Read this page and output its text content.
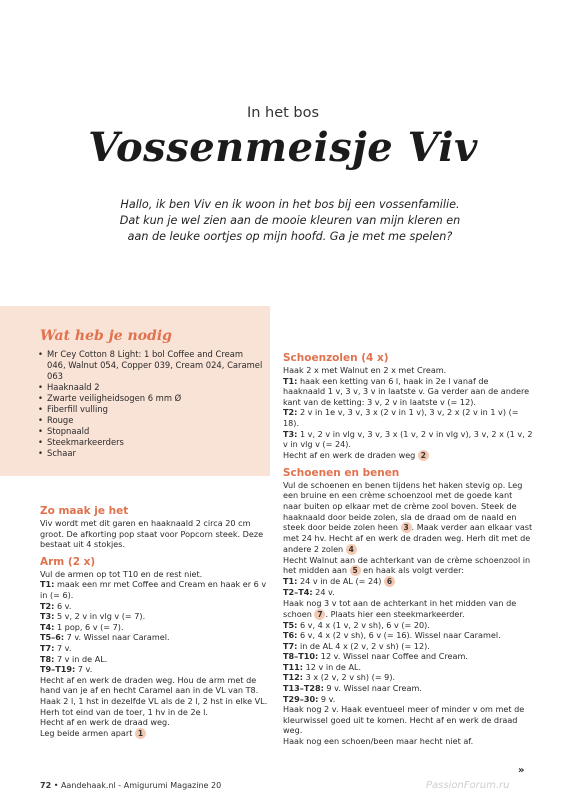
In het bos
Vossenmeisje Viv
Hallo, ik ben Viv en ik woon in het bos bij een vossenfamilie. Dat kun je wel zien aan de mooie kleuren van mijn kleren en aan de leuke oortjes op mijn hoofd. Ga je met me spelen?
Wat heb je nodig
• Mr Cey Cotton 8 Light: 1 bol Coffee and Cream 046, Walnut 054, Copper 039, Cream 024, Caramel 063
• Haaknaald 2
• Zwarte veiligheidsogen 6 mm Ø
• Fiberfill vulling
• Rouge
• Stopnaald
• Steekmarkeerders
• Schaar
Zo maak je het

Viv wordt met dit garen en haaknaald 2 circa 20 cm groot. De afkorting pop staat voor Popcorn steek. Deze bestaat uit 4 stokjes.

Arm (2 x)

Vul de armen op tot T10 en de rest niet.

T1: maak een mr met Coffee and Cream en haak er 6 v in (= 6).

T2: 6 v.

T3: 5 v, 2 v in vlg v (= 7).

T4: 1 pop, 6 v (= 7).

T5–6: 7 v. Wissel naar Caramel.

T7: 7 v.

T8: 7 v in de AL.

T9–T19: 7 v.

Hecht af en werk de draden weg. Hou de arm met de hand van je af en hecht Caramel aan in de VL van T8. Haak 2 l, 1 hst in dezelfde VL als de 2 l, 2 hst in elke VL. Herh tot eind van de toer, 1 hv in de 2e l.

Hecht af en werk de draad weg.

Leg beide armen apart 1

Schoenzolen (4 x)

Haak 2 x met Walnut en 2 x met Cream.

T1: haak een ketting van 6 l, haak in 2e l vanaf de haaknaald 1 v, 3 v, 3 v in laatste v. Ga verder aan de andere kant van de ketting: 3 v, 2 v in laatste v (= 12).

T2: 2 v in 1e v, 3 v, 3 x (2 v in 1 v), 3 v, 2 x (2 v in 1 v) (= 18).

T3: 1 v, 2 v in vlg v, 3 v, 3 x (1 v, 2 v in vlg v), 3 v, 2 x (1 v, 2 v in vlg v (= 24).

Hecht af en werk de draden weg 2

Schoenen en benen

Vul de schoenen en benen tijdens het haken stevig op. Leg een bruine en een crème schoenzool met de goede kant naar buiten op elkaar met de crème zool boven. Steek de haaknaald door beide zolen, sla de draad om de naald en steek door beide zolen heen 3 . Maak verder aan elkaar vast met 24 hv. Hecht af en werk de draden weg. Herh dit met de andere 2 zolen 4

Hecht Walnut aan de achterkant van de crème schoenzool in het midden aan 5 en haak als volgt verder:

T1: 24 v in de AL (= 24) 6

T2–T4: 24 v.

Haak nog 3 v tot aan de achterkant in het midden van de schoen 7 . Plaats hier een steekmarkeerder.

T5: 6 v, 4 x (1 v, 2 v sh), 6 v (= 20).

T6: 6 v, 4 x (2 v sh), 6 v (= 16). Wissel naar Caramel.

T7: in de AL 4 x (2 v, 2 v sh) (= 12).

T8–T10: 12 v. Wissel naar Coffee and Cream.

T11: 12 v in de AL.

T12: 3 x (2 v, 2 v sh) (= 9).

T13–T28: 9 v. Wissel naar Cream.

T29–30: 9 v.

Haak nog 2 v. Haak eventueel meer of minder v om met de kleurwissel goed uit te komen. Hecht af en werk de draad weg.

Haak nog een schoen/been maar hecht niet af.

»
72 • Aandehaak.nl - Amigurumi Magazine 20	PassionForum.ru
